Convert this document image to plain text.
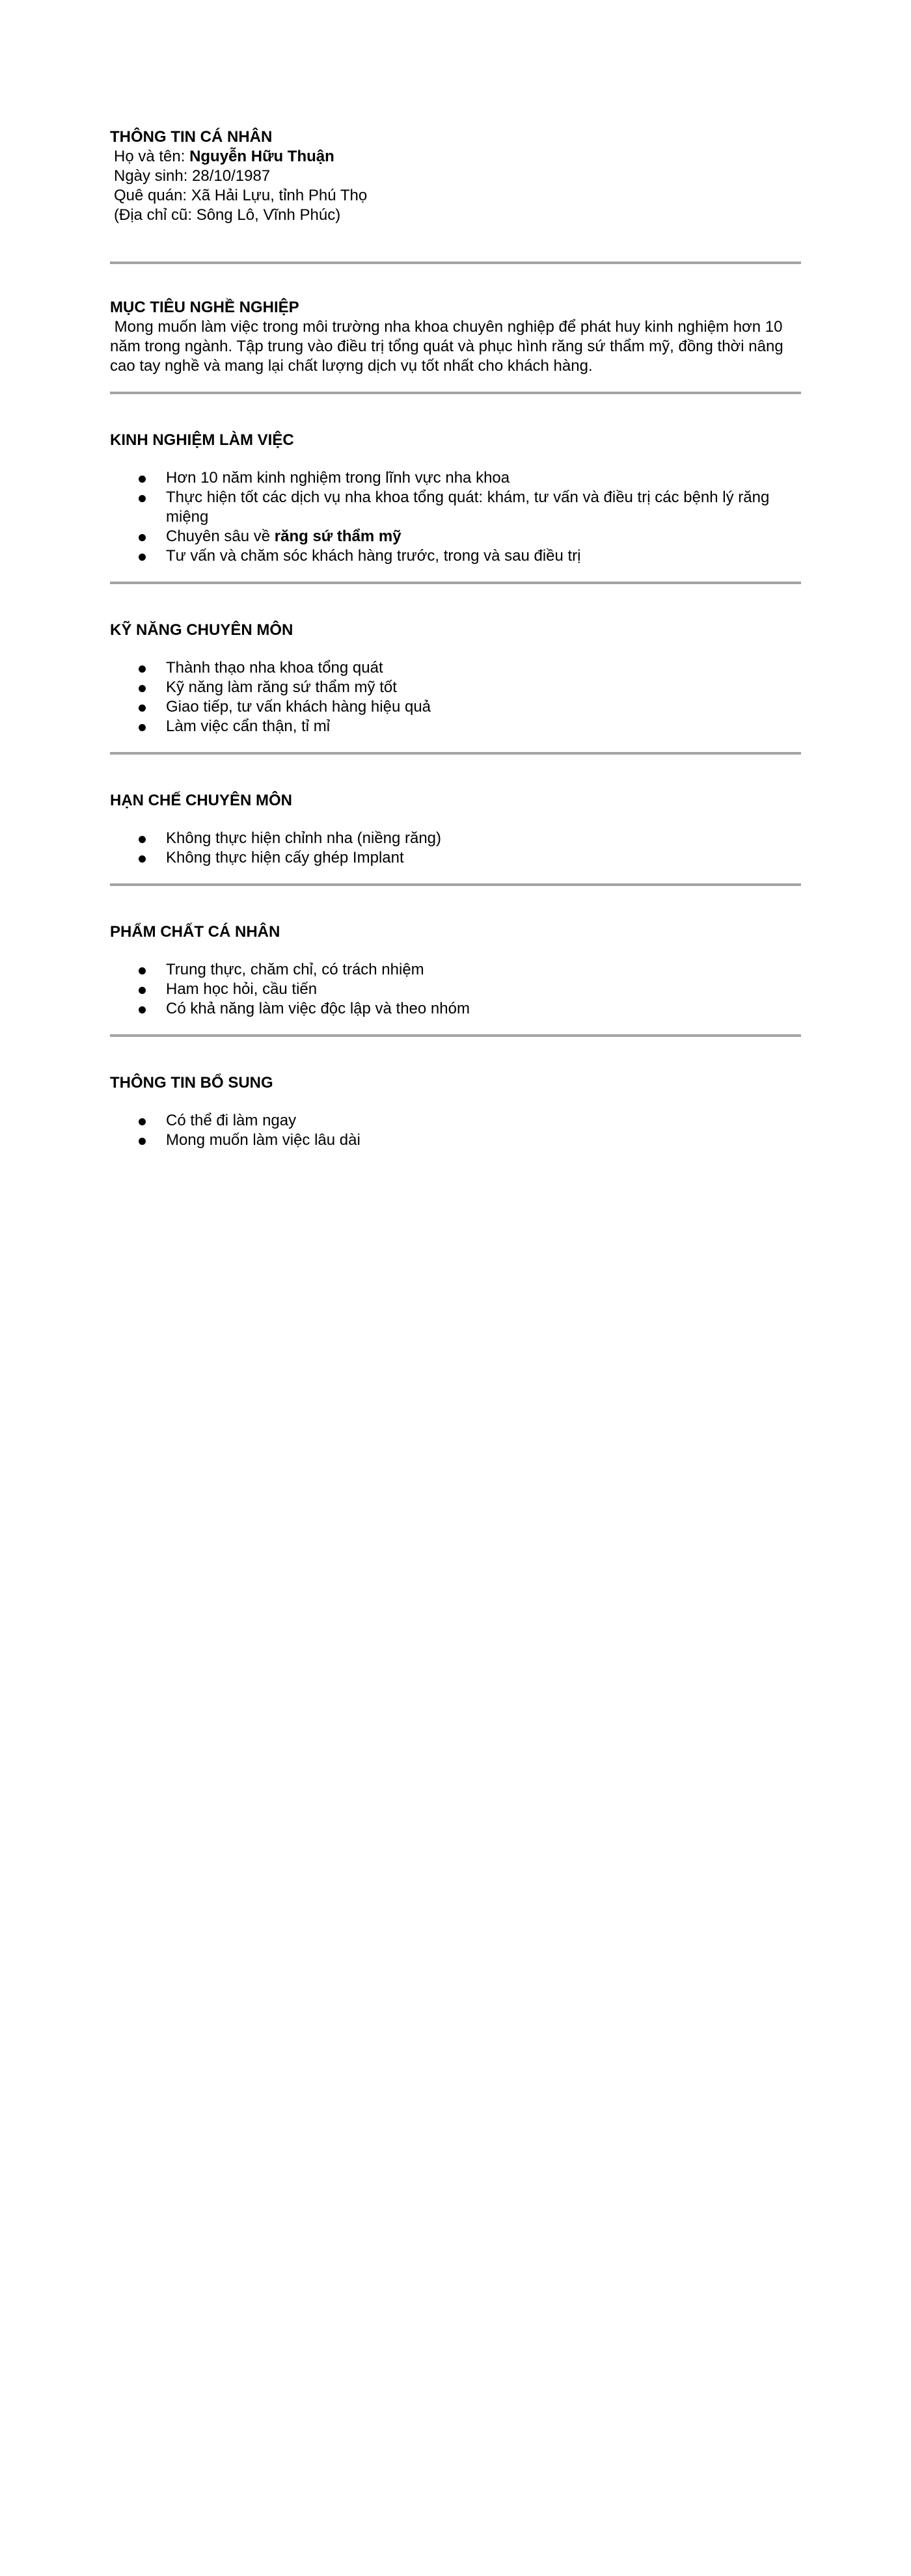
THÔNG TIN CÁ NHÂN

Họ và tên: Nguyễn Hữu Thuận

Ngày sinh: 28/10/1987

Quê quán: Xã Hải Lựu, tỉnh Phú Thọ

(Địa chỉ cũ: Sông Lô, Vĩnh Phúc)

MỤC TIÊU NGHỀ NGHIỆP

Mong muốn làm việc trong môi trường nha khoa chuyên nghiệp để phát huy kinh nghiệm hơn 10 năm trong ngành. Tập trung vào điều trị tổng quát và phục hình răng sứ thẩm mỹ, đồng thời nâng cao tay nghề và mang lại chất lượng dịch vụ tốt nhất cho khách hàng.

KINH NGHIỆM LÀM VIỆC
Hơn 10 năm kinh nghiệm trong lĩnh vực nha khoa
Thực hiện tốt các dịch vụ nha khoa tổng quát: khám, tư vấn và điều trị các bệnh lý răng miệng
Chuyên sâu về răng sứ thẩm mỹ
Tư vấn và chăm sóc khách hàng trước, trong và sau điều trị
KỸ NĂNG CHUYÊN MÔN
Thành thạo nha khoa tổng quát
Kỹ năng làm răng sứ thẩm mỹ tốt
Giao tiếp, tư vấn khách hàng hiệu quả
Làm việc cẩn thận, tỉ mỉ
HẠN CHẾ CHUYÊN MÔN
Không thực hiện chỉnh nha (niềng răng)
Không thực hiện cấy ghép Implant
PHẨM CHẤT CÁ NHÂN
Trung thực, chăm chỉ, có trách nhiệm
Ham học hỏi, cầu tiến
Có khả năng làm việc độc lập và theo nhóm
THÔNG TIN BỔ SUNG
Có thể đi làm ngay
Mong muốn làm việc lâu dài
